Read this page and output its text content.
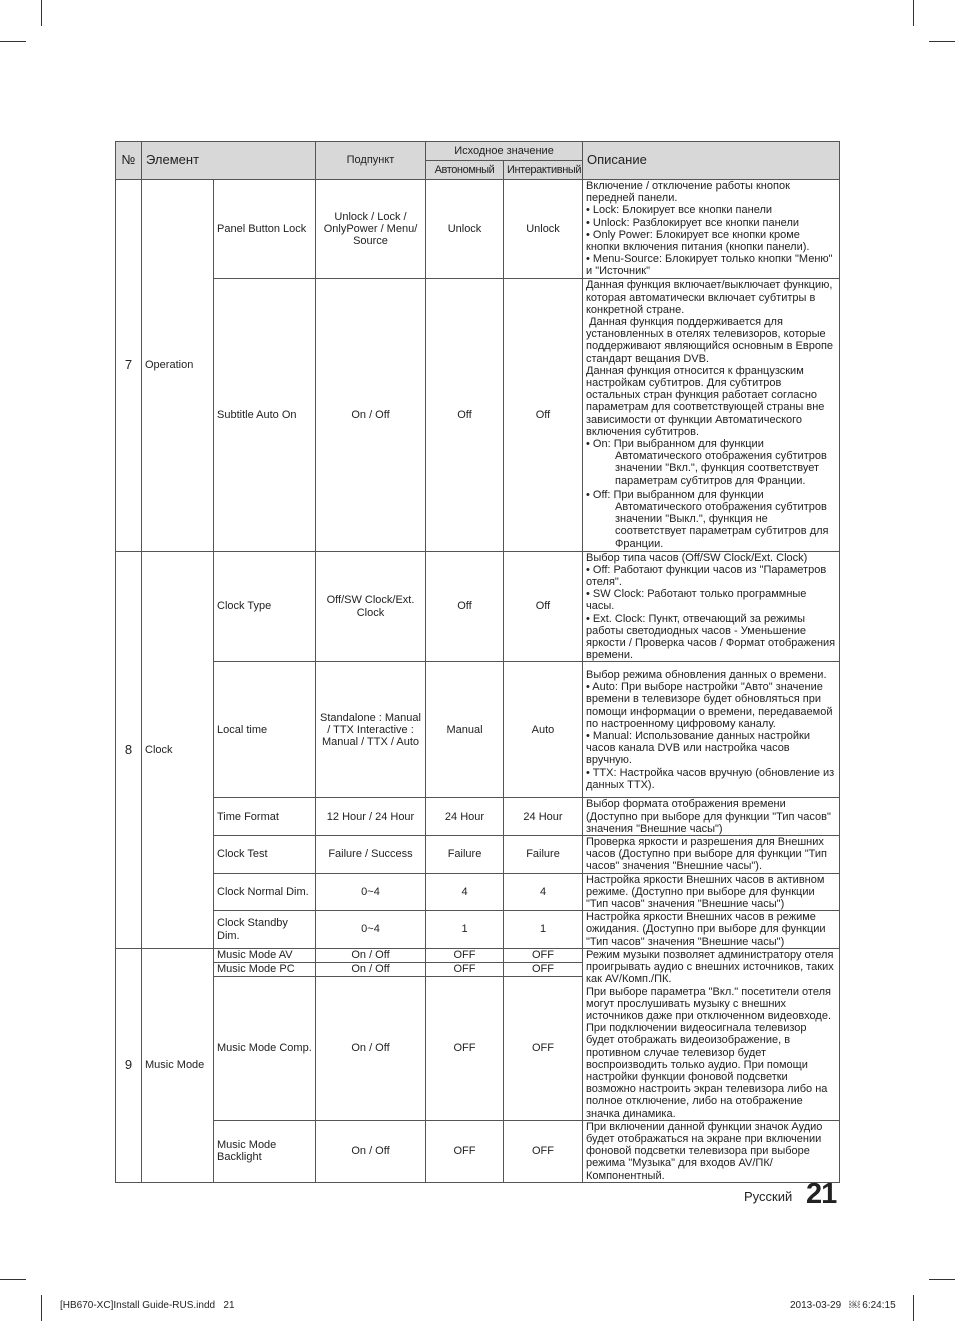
№	Элемент		Подпункт	Исходное значение		Описание
				Автономный	Интерактивный	
7	Operation	Panel Button Lock	Unlock / Lock / OnlyPower / Menu/ Source	Unlock	Unlock	Включение / отключение работы кнопок передней панели.
• Lock: Блокирует все кнопки панели
• Unlock: Разблокирует все кнопки панели
• Only Power: Блокирует все кнопки кроме кнопки включения питания (кнопки панели).
• Menu-Source: Блокирует только кнопки "Меню" и "Источник"

		Subtitle Auto On	On / Off	Off	Off	Данная функция включает/выключает функцию, которая автоматически включает субтитры в конкретной стране.
Данная функция поддерживается для установленных в отелях телевизоров, которые поддерживают являющийся основным в Европе стандарт вещания DVB.
Данная функция относится к французским настройкам субтитров. Для субтитров остальных стран функция работает согласно параметрам для соответствующей страны вне зависимости от функции Автоматического включения субтитров.
• On: При выбранном для функции Автоматического отображения субтитров значении "Вкл.", функция соответствует параметрам субтитров для Франции.
• Off: При выбранном для функции Автоматического отображения субтитров значении "Выкл.", функция не соответствует параметрам субтитров для Франции.

8	Clock	Clock Type	Off/SW Clock/Ext. Clock	Off	Off	Выбор типа часов (Off/SW Clock/Ext. Clock)
• Off: Работают функции часов из "Параметров отеля".
• SW Clock: Работают только программные часы.
• Ext. Clock: Пункт, отвечающий за режимы работы светодиодных часов - Уменьшение яркости / Проверка часов / Формат отображения времени.

		Local time	Standalone : Manual / TTX Interactive : Manual / TTX / Auto	Manual	Auto	Выбор режима обновления данных о времени.
• Auto: При выборе настройки "Авто" значение времени в телевизоре будет обновляться при помощи информации о времени, передаваемой по настроенному цифровому каналу.
• Manual: Использование данных настройки часов канала DVB или настройка часов вручную.
• TTX: Настройка часов вручную (обновление из данных TTX).

		Time Format	12 Hour / 24 Hour	24 Hour	24 Hour	Выбор формата отображения времени (Доступно при выборе для функции "Тип часов" значения "Внешние часы")
		Clock Test	Failure / Success	Failure	Failure	Проверка яркости и разрешения для Внешних часов (Доступно при выборе для функции "Тип часов" значения "Внешние часы").
		Clock Normal Dim.	0~4	4	4	Настройка яркости Внешних часов в активном режиме. (Доступно при выборе для функции "Тип часов" значения "Внешние часы")
		Clock Standby Dim.	0~4	1	1	Настройка яркости Внешних часов в режиме ожидания. (Доступно при выборе для функции "Тип часов" значения "Внешние часы")
9	Music Mode	Music Mode AV	On / Off	OFF	OFF	Режим музыки позволяет администратору отеля проигрывать аудио с внешних источников, таких как AV/Комп./ПК.
При выборе параметра "Вкл." посетители отеля могут прослушивать музыку с внешних источников даже при отключенном видеовходе. При подключении видеосигнала телевизор будет отображать видеоизображение, в противном случае телевизор будет воспроизводить только аудио. При помощи настройки функции фоновой подсветки возможно настроить экран телевизора либо на полное отключение, либо на отображение значка динамика.

		Music Mode PC	On / Off	OFF	OFF	
		Music Mode Comp.	On / Off	OFF	OFF	
		Music Mode Backlight	On / Off	OFF	OFF	При включении данной функции значок Аудио будет отображаться на экране при включении фоновой подсветки телевизора при выборе режима "Музыка" для входов AV/ПК/Компонентный.
Русский 21
[HB670-XC]Install Guide-RUS.indd   21	2013-03-29   ￼ 6:24:15
